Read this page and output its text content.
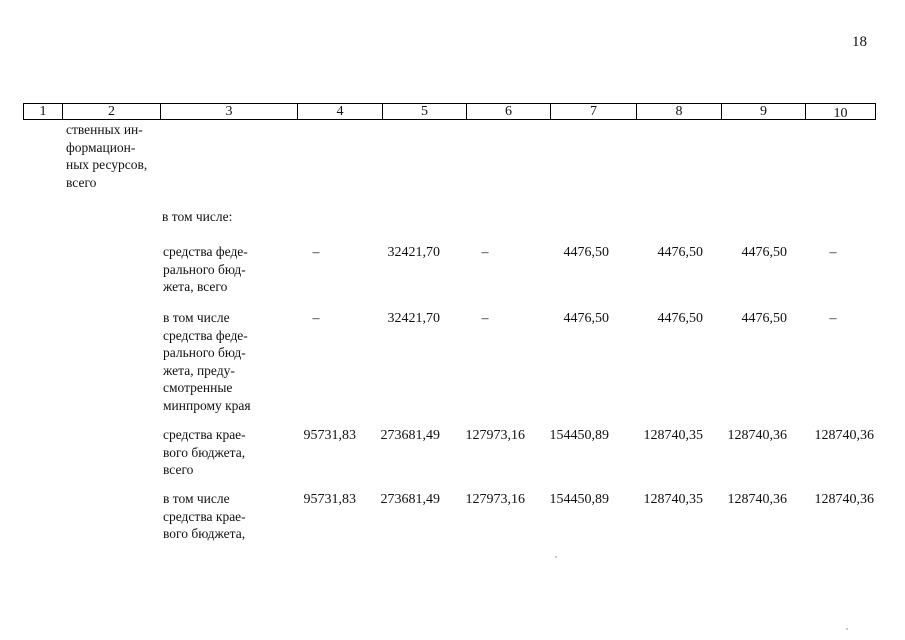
18
1	2	3	4	5	6	7	8	9	10
ственных ин-
формацион-
ных ресурсов,
всего
в том числе:
средства феде-
рального бюд-
жета, всего
–	32421,70	–	4476,50	4476,50	4476,50	–
в том числе
средства феде-
рального бюд-
жета, преду-
смотренные
минпрому края
–	32421,70	–	4476,50	4476,50	4476,50	–
средства крае-
вого бюджета,
всего
95731,83	273681,49	127973,16	154450,89	128740,35	128740,36	128740,36
в том числе
средства крае-
вого бюджета,
95731,83	273681,49	127973,16	154450,89	128740,35	128740,36	128740,36
